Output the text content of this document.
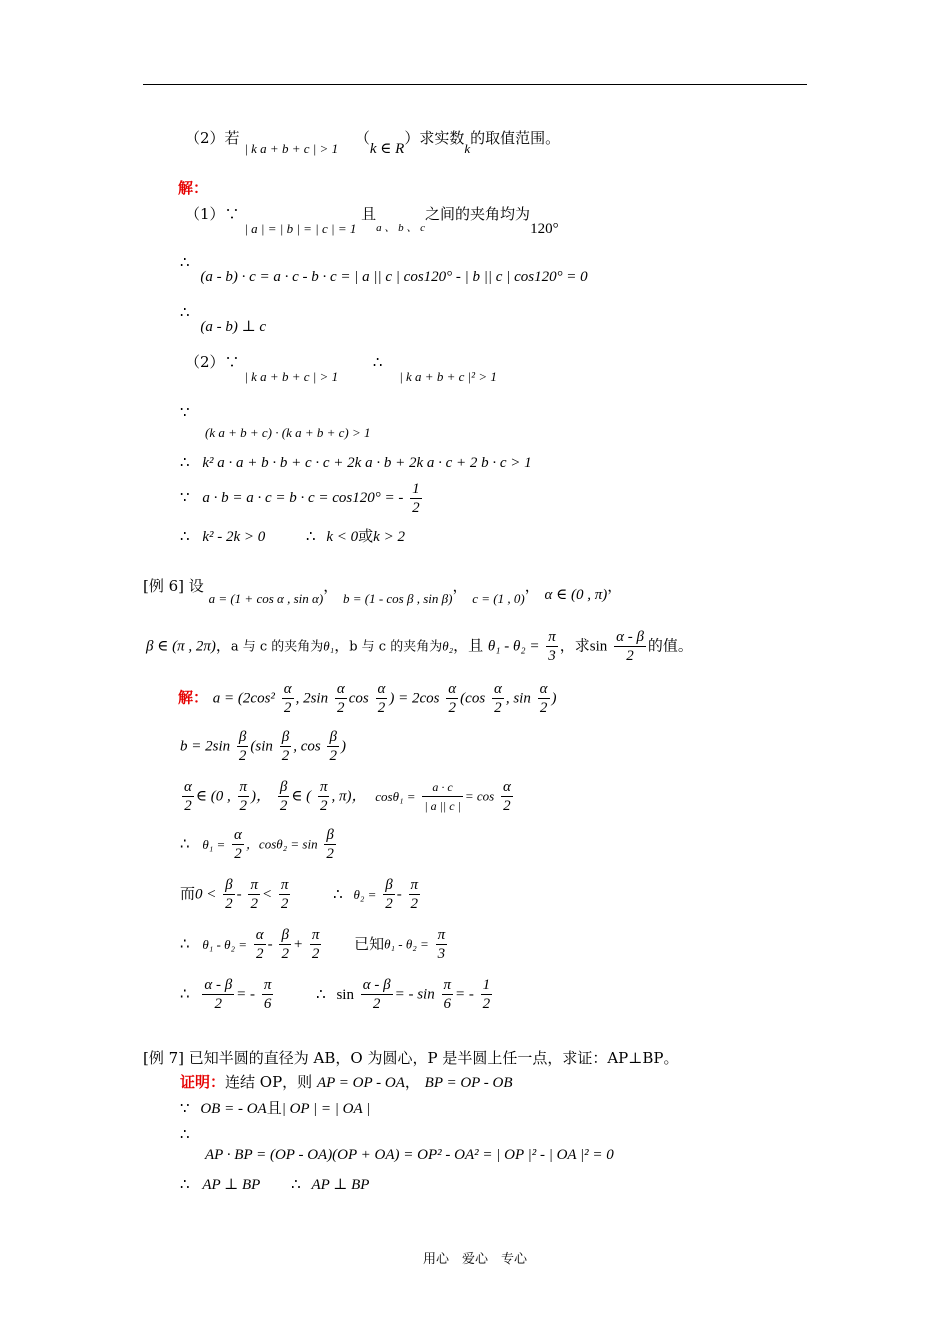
（2）若 | k a + b + c | > 1 （k ∈ R）求实数k的取值范围。
解：
（1）∵ | a | = | b | = | c | = 1 且$_{a 、 b 、 c}$之间的夹角均为120°
∴ (a - b) · c = a · c - b · c = | a || c | cos120° - | b || c | cos120° = 0
∴ (a - b) ⊥ c
（2）∵ | k a + b + c | > 1 ∴ | k a + b + c |² > 1
∵
(k a + b + c) · (k a + b + c) > 1
∴ k² a · a + b · b + c · c + 2k a · b + 2k a · c + 2 b · c > 1
∵ a · b = a · c = b · c = cos120° = - $\frac{1}{2}$
∴ k² - 2k > 0	∴ k < 0或k > 2
[例 6] 设 a = (1 + cos α , sin α)， b = (1 - cos β , sin β)， c = (1 , 0)， α ∈ (0 , π)，
β ∈ (π , 2π)，a 与 c 的夹角为θ₁，b 与 c 的夹角为θ₂，且 $\theta_1 - \theta_2 = \frac{\pi}{3}$ ，求$\sin \frac{\alpha - \beta}{2}$ 的值。
解： $a = (2\cos^2 \frac{\alpha}{2}$ , $2\sin \frac{\alpha}{2}$ $\cos \frac{\alpha}{2}$ ) = $2\cos \frac{\alpha}{2} (\cos \frac{\alpha}{2}$ , $\sin \frac{\alpha}{2}$ )
$b = 2\sin \frac{\beta}{2} (\sin \frac{\beta}{2}$ , $\cos \frac{\beta}{2}$ )
$\frac{\alpha}{2}$ ∈ (0 , $\frac{\pi}{2}$ )， $\frac{\beta}{2}$ ∈ ( $\frac{\pi}{2}$ , π)， $\cos\theta_1 = \frac{a \cdot c}{| a || c |} = \cos \frac{\alpha}{2}$
∴ $\theta_1 = \frac{\alpha}{2}$ ，$\cos\theta_2 = \sin \frac{\beta}{2}$
而$0 < \frac{\beta}{2} - \frac{\pi}{2} < \frac{\pi}{2}$	∴ $\theta_2 = \frac{\beta}{2} - \frac{\pi}{2}$
∴ $\theta_1 - \theta_2 = \frac{\alpha}{2} - \frac{\beta}{2} + \frac{\pi}{2}$ 已知$\theta_1 - \theta_2 = \frac{\pi}{3}$
∴ $\frac{\alpha - \beta}{2}$ = - $\frac{\pi}{6}$	∴ $\sin \frac{\alpha - \beta}{2}$ = - $\sin \frac{\pi}{6}$ = - $\frac{1}{2}$
[例 7] 已知半圆的直径为 AB，O 为圆心，P 是半圆上任一点，求证：AP⊥BP。
证明：连结 OP，则 AP = OP - OA， BP = OP - OB
∵ OB = - OA且| OP | = | OA |
∴
AP · BP = (OP - OA)(OP + OA) = OP² - OA² = | OP |² - | OA |² = 0
∴ AP ⊥ BP ∴ AP ⊥ BP
用心　爱心　专心
